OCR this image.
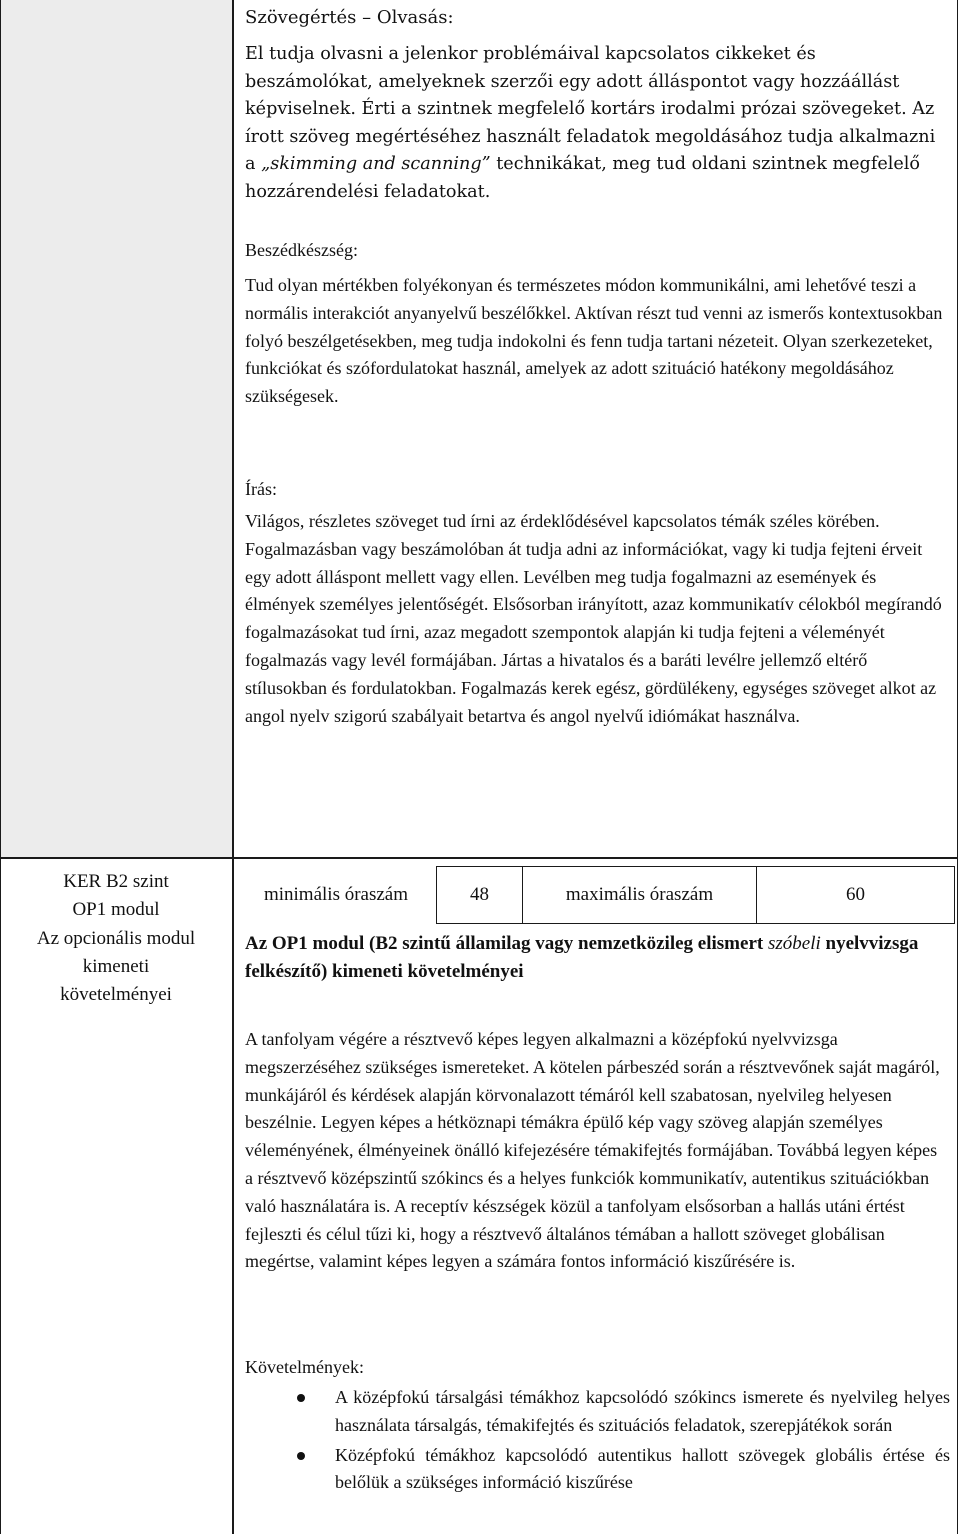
Szövegértés – Olvasás:
El tudja olvasni a jelenkor problémáival kapcsolatos cikkeket és beszámolókat, amelyeknek szerzői egy adott álláspontot vagy hozzáállást képviselnek. Érti a szintnek megfelelő kortárs irodalmi prózai szövegeket. Az írott szöveg megértéséhez használt feladatok megoldásához tudja alkalmazni a „skimming and scanning” technikákat, meg tud oldani szintnek megfelelő hozzárendelési feladatokat.
Beszédkészség:
Tud olyan mértékben folyékonyan és természetes módon kommunikálni, ami lehetővé teszi a normális interakciót anyanyelvű beszélőkkel. Aktívan részt tud venni az ismerős kontextusokban folyó beszélgetésekben, meg tudja indokolni és fenn tudja tartani nézeteit. Olyan szerkezeteket, funkciókat és szófordulatokat használ, amelyek az adott szituáció hatékony megoldásához szükségesek.
Írás:
Világos, részletes szöveget tud írni az érdeklődésével kapcsolatos témák széles körében. Fogalmazásban vagy beszámolóban át tudja adni az információkat, vagy ki tudja fejteni érveit egy adott álláspont mellett vagy ellen. Levélben meg tudja fogalmazni az események és élmények személyes jelentőségét. Elsősorban irányított, azaz kommunikatív célokból megírandó fogalmazásokat tud írni, azaz megadott szempontok alapján ki tudja fejteni a véleményét fogalmazás vagy levél formájában. Jártas a hivatalos és a baráti levélre jellemző eltérő stílusokban és fordulatokban. Fogalmazás kerek egész, gördülékeny, egységes szöveget alkot az angol nyelv szigorú szabályait betartva és angol nyelvű idiómákat használva.
KER B2 szint
OP1 modul
Az opcionális modul
kimeneti
követelményei
minimális óraszám	48	maximális óraszám	60
Az OP1 modul (B2 szintű államilag vagy nemzetközileg elismert szóbeli nyelvvizsga felkészítő) kimeneti követelményei
A tanfolyam végére a résztvevő képes legyen alkalmazni a középfokú nyelvvizsga megszerzéséhez szükséges ismereteket. A kötelen párbeszéd során a résztvevőnek saját magáról, munkájáról és kérdések alapján körvonalazott témáról kell szabatosan, nyelvileg helyesen beszélnie. Legyen képes a hétköznapi témákra épülő kép vagy szöveg alapján személyes véleményének, élményeinek önálló kifejezésére témakifejtés formájában. Továbbá legyen képes a résztvevő középszintű szókincs és a helyes funkciók kommunikatív, autentikus szituációkban való használatára is. A receptív készségek közül a tanfolyam elsősorban a hallás utáni értést fejleszti és célul tűzi ki, hogy a résztvevő általános témában a hallott szöveget globálisan megértse, valamint képes legyen a számára fontos információ kiszűrésére is.
Követelmények:
A középfokú társalgási témákhoz kapcsolódó szókincs ismerete és nyelvileg helyes használata társalgás, témakifejtés és szituációs feladatok, szerepjátékok során
Középfokú témákhoz kapcsolódó autentikus hallott szövegek globális értése és belőlük a szükséges információ kiszűrése
